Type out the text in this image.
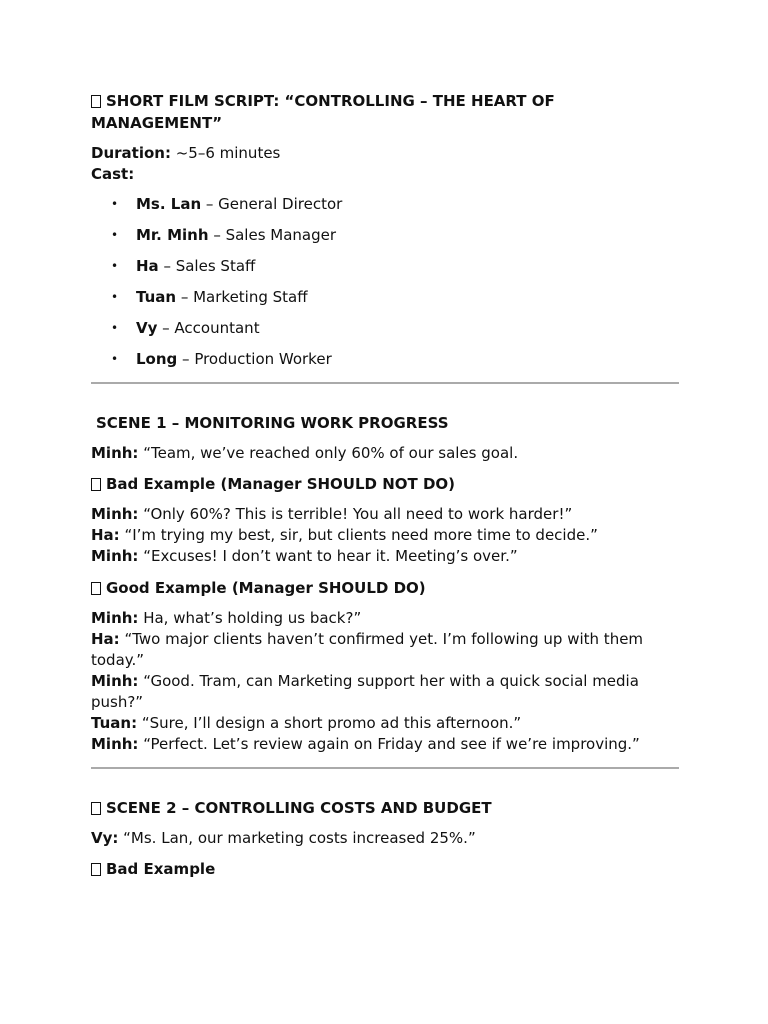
SHORT FILM SCRIPT: “CONTROLLING – THE HEART OF MANAGEMENT”

Duration: ~5–6 minutes
Cast:
• Ms. Lan – General Director
• Mr. Minh – Sales Manager
• Ha – Sales Staff
• Tuan – Marketing Staff
• Vy – Accountant
• Long – Production Worker

SCENE 1 – MONITORING WORK PROGRESS

Minh: “Team, we’ve reached only 60% of our sales goal.

Bad Example (Manager SHOULD NOT DO)

Minh: “Only 60%? This is terrible! You all need to work harder!”

Ha: “I’m trying my best, sir, but clients need more time to decide.”

Minh: “Excuses! I don’t want to hear it. Meeting’s over.”

Good Example (Manager SHOULD DO)

Minh: Ha, what’s holding us back?”

Ha: “Two major clients haven’t confirmed yet. I’m following up with them today.”

Minh: “Good. Tram, can Marketing support her with a quick social media push?”

Tuan: “Sure, I’ll design a short promo ad this afternoon.”

Minh: “Perfect. Let’s review again on Friday and see if we’re improving.”

SCENE 2 – CONTROLLING COSTS AND BUDGET

Vy: “Ms. Lan, our marketing costs increased 25%.”

Bad Example
